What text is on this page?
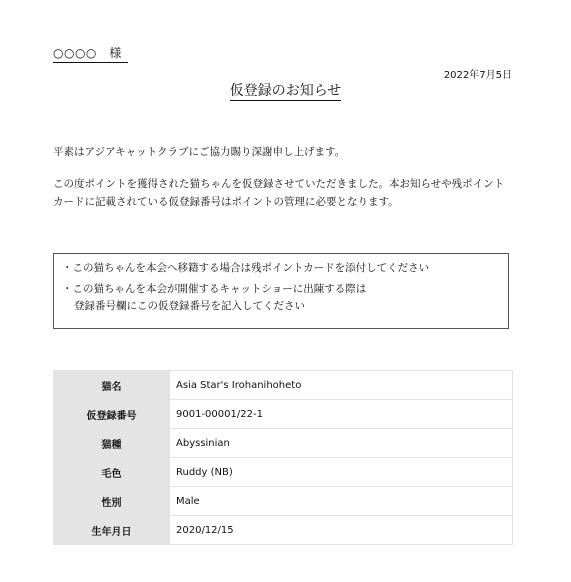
○○○○　様
2022年7月5日
仮登録のお知らせ
平素はアジアキャットクラブにご協力賜り深謝申し上げます。
この度ポイントを獲得された猫ちゃんを仮登録させていただきました。本お知らせや残ポイントカードに記載されている仮登録番号はポイントの管理に必要となります。
・この猫ちゃんを本会へ移籍する場合は残ポイントカードを添付してください
・この猫ちゃんを本会が開催するキャットショーに出陳する際は
登録番号欄にこの仮登録番号を記入してください
猫名	Asia Star's Irohanihoheto
仮登録番号	9001-00001/22-1
猫種	Abyssinian
毛色	Ruddy (NB)
性別	Male
生年月日	2020/12/15
